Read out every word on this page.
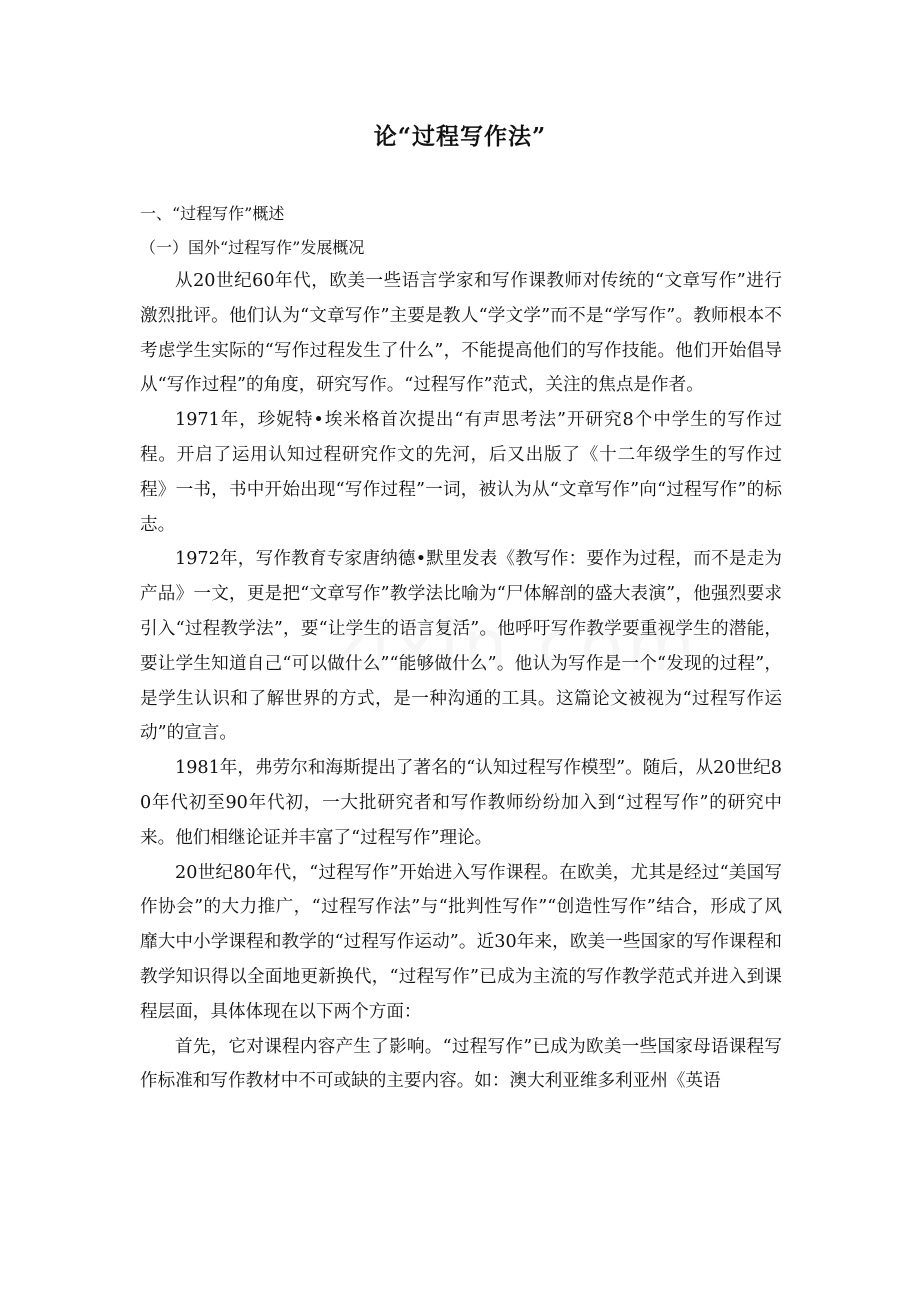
论“过程写作法”
一、“过程写作”概述
（一）国外“过程写作”发展概况

从20世纪60年代，欧美一些语言学家和写作课教师对传统的“文章写作”进行激烈批评。他们认为“文章写作”主要是教人“学文学”而不是“学写作”。教师根本不考虑学生实际的“写作过程发生了什么”，不能提高他们的写作技能。他们开始倡导从“写作过程”的角度，研究写作。“过程写作”范式，关注的焦点是作者。

1971年，珍妮特•埃米格首次提出“有声思考法”开研究8个中学生的写作过程。开启了运用认知过程研究作文的先河，后又出版了《十二年级学生的写作过程》一书，书中开始出现“写作过程”一词，被认为从“文章写作”向“过程写作”的标志。

1972年，写作教育专家唐纳德•默里发表《教写作：要作为过程，而不是走为产品》一文，更是把“文章写作”教学法比喻为“尸体解剖的盛大表演”，他强烈要求引入“过程教学法”，要“让学生的语言复活”。他呼吁写作教学要重视学生的潜能，要让学生知道自己“可以做什么”“能够做什么”。他认为写作是一个“发现的过程”，是学生认识和了解世界的方式，是一种沟通的工具。这篇论文被视为“过程写作运动”的宣言。

1981年，弗劳尔和海斯提出了著名的“认知过程写作模型”。随后，从20世纪80年代初至90年代初，一大批研究者和写作教师纷纷加入到“过程写作”的研究中来。他们相继论证并丰富了“过程写作”理论。

20世纪80年代，“过程写作”开始进入写作课程。在欧美，尤其是经过“美国写作协会”的大力推广，“过程写作法”与“批判性写作”“创造性写作”结合，形成了风靡大中小学课程和教学的“过程写作运动”。近30年来，欧美一些国家的写作课程和教学知识得以全面地更新换代，“过程写作”已成为主流的写作教学范式并进入到课程层面，具体体现在以下两个方面：

首先，它对课程内容产生了影响。“过程写作”已成为欧美一些国家母语课程写作标准和写作教材中不可或缺的主要内容。如：澳大利亚维多利亚州《英语
